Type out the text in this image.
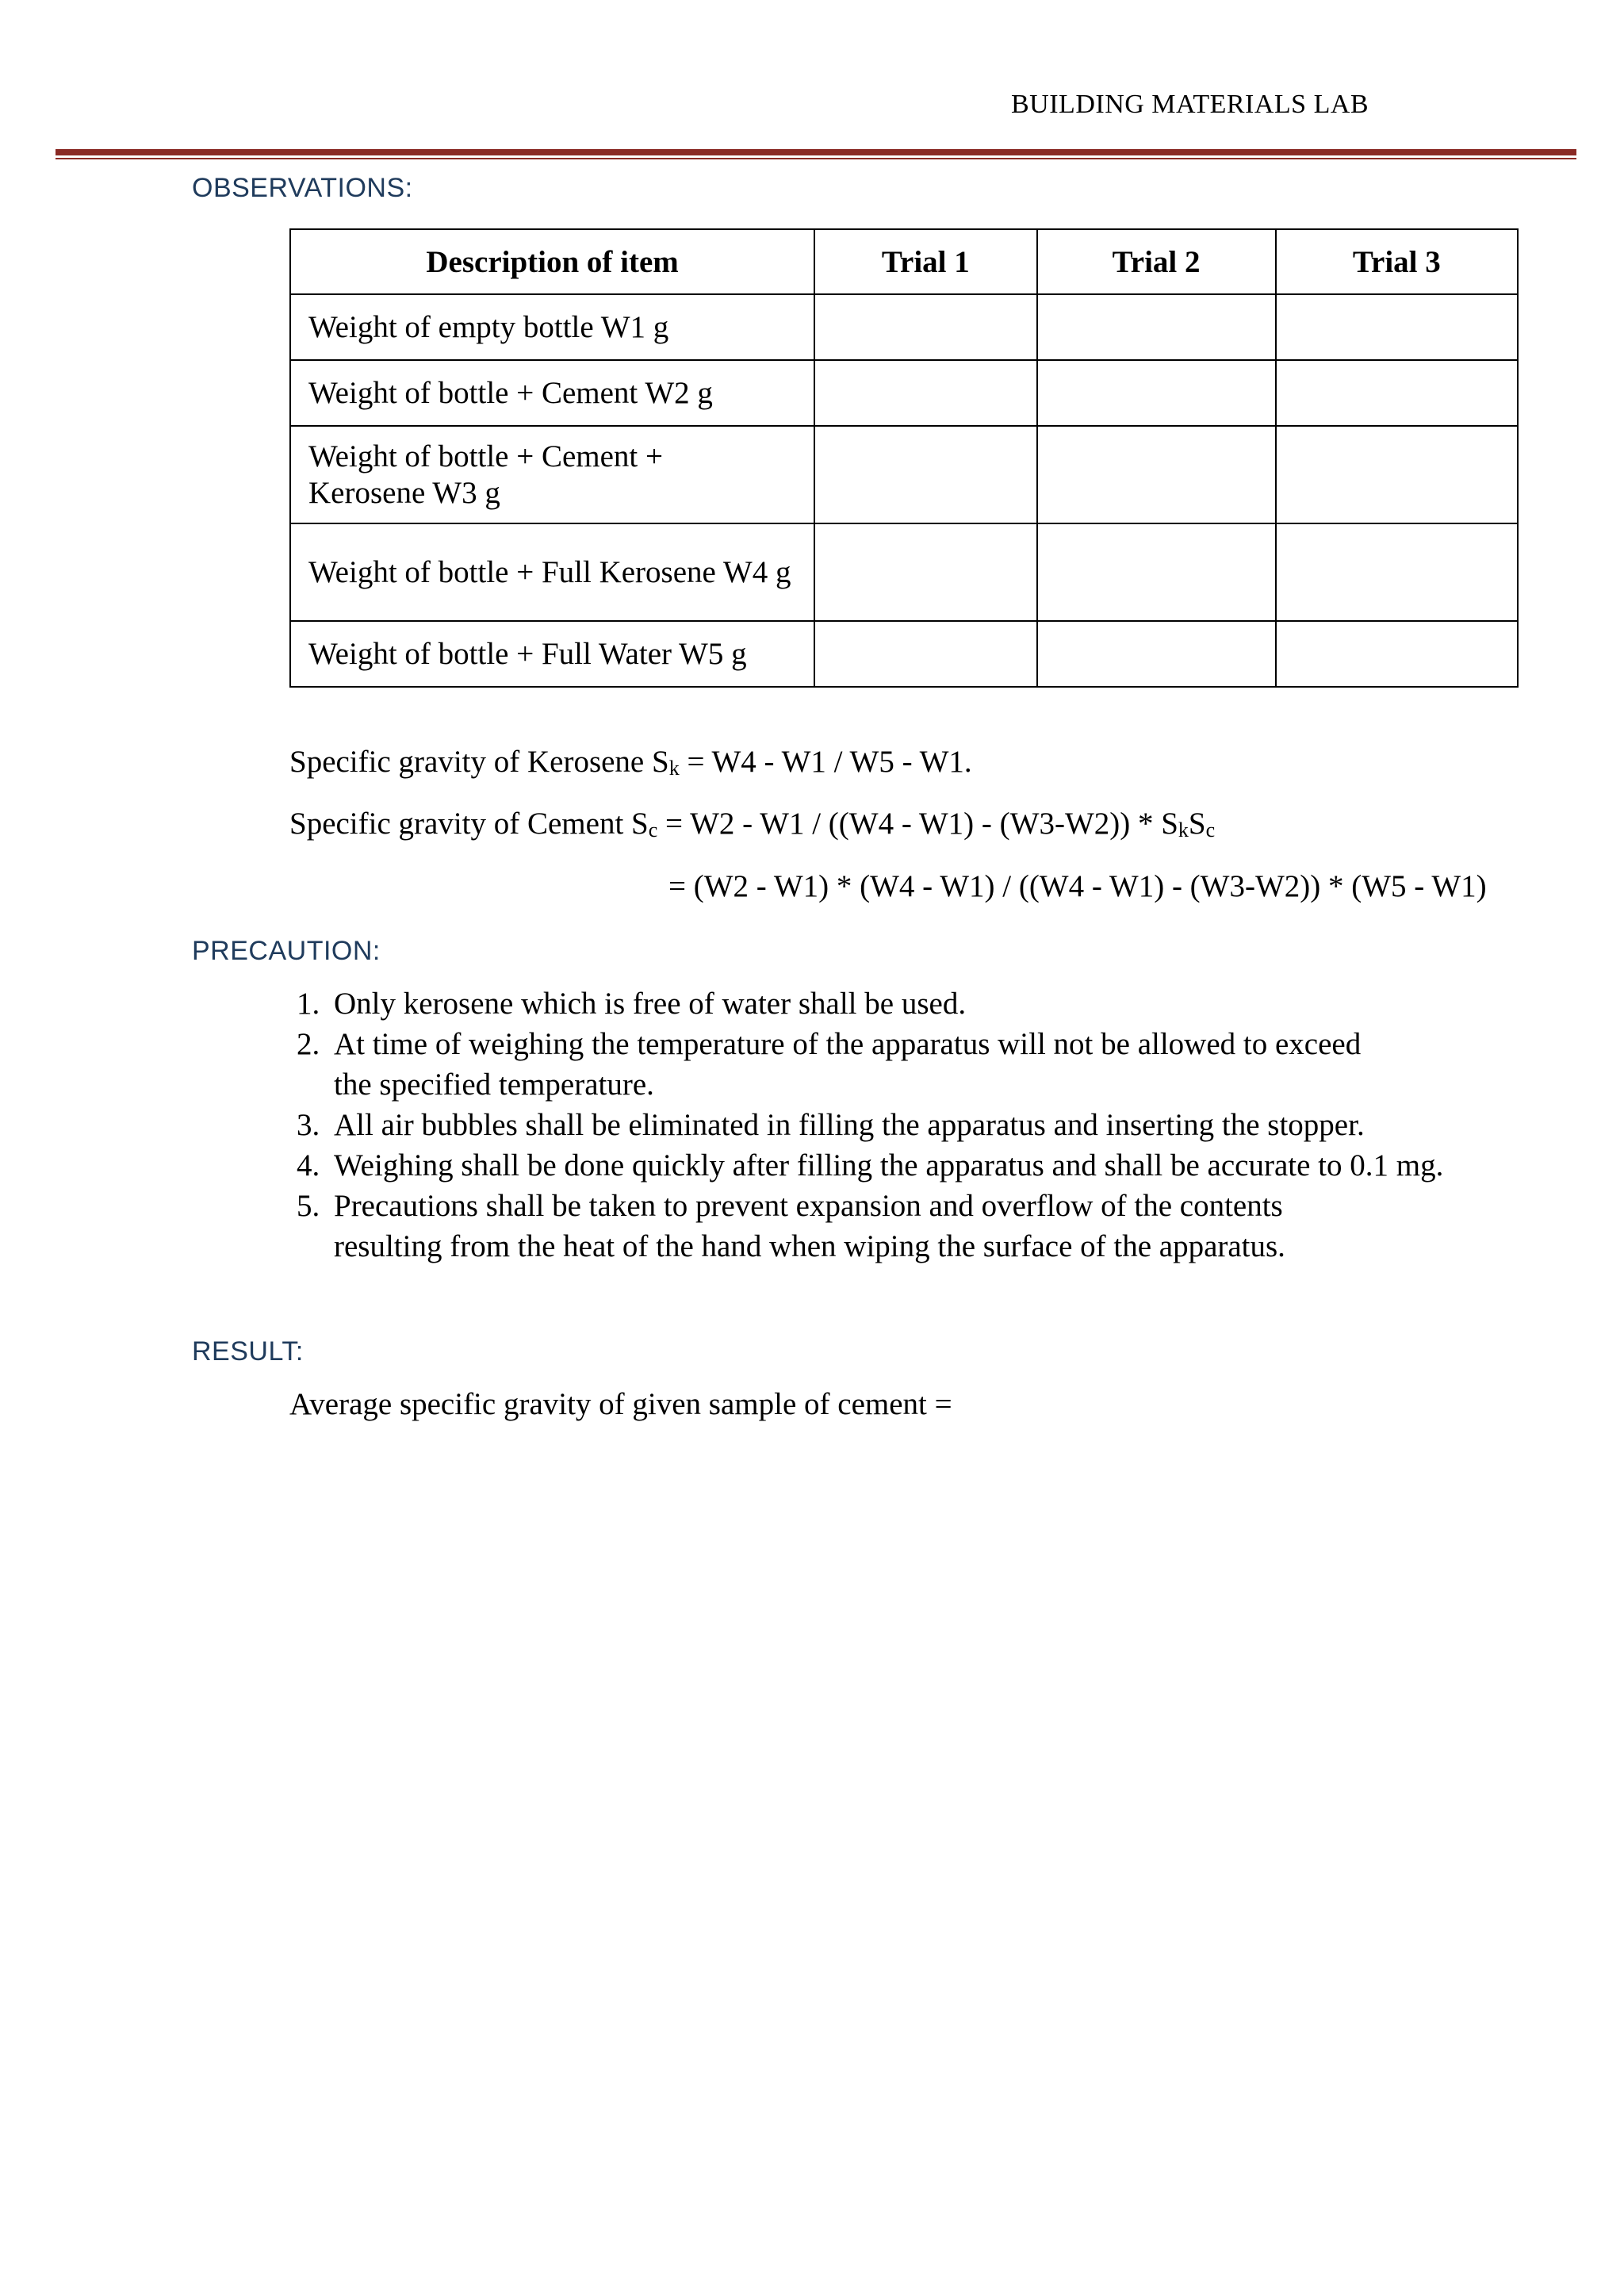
BUILDING MATERIALS LAB
OBSERVATIONS:
Description of item	Trial 1	Trial 2	Trial 3
Weight of empty bottle W1 g			
Weight of bottle + Cement W2 g			
Weight of bottle + Cement + Kerosene W3 g			
Weight of bottle + Full Kerosene W4 g			
Weight of bottle + Full Water W5 g			
Specific gravity of Kerosene $S_k = W4 - W1 / W5 - W1$.
Specific gravity of Cement $S_c = W2 - W1 / ((W4 - W1) - (W3-W2)) * S_kS_c$
= (W2 - W1) * (W4 - W1) / ((W4 - W1) - (W3-W2)) * (W5 - W1)
PRECAUTION:
1. Only kerosene which is free of water shall be used.
2. At time of weighing the temperature of the apparatus will not be allowed to exceed the specified temperature.
3. All air bubbles shall be eliminated in filling the apparatus and inserting the stopper.
4. Weighing shall be done quickly after filling the apparatus and shall be accurate to 0.1 mg.
5. Precautions shall be taken to prevent expansion and overflow of the contents resulting from the heat of the hand when wiping the surface of the apparatus.
RESULT:
Average specific gravity of given sample of cement =
